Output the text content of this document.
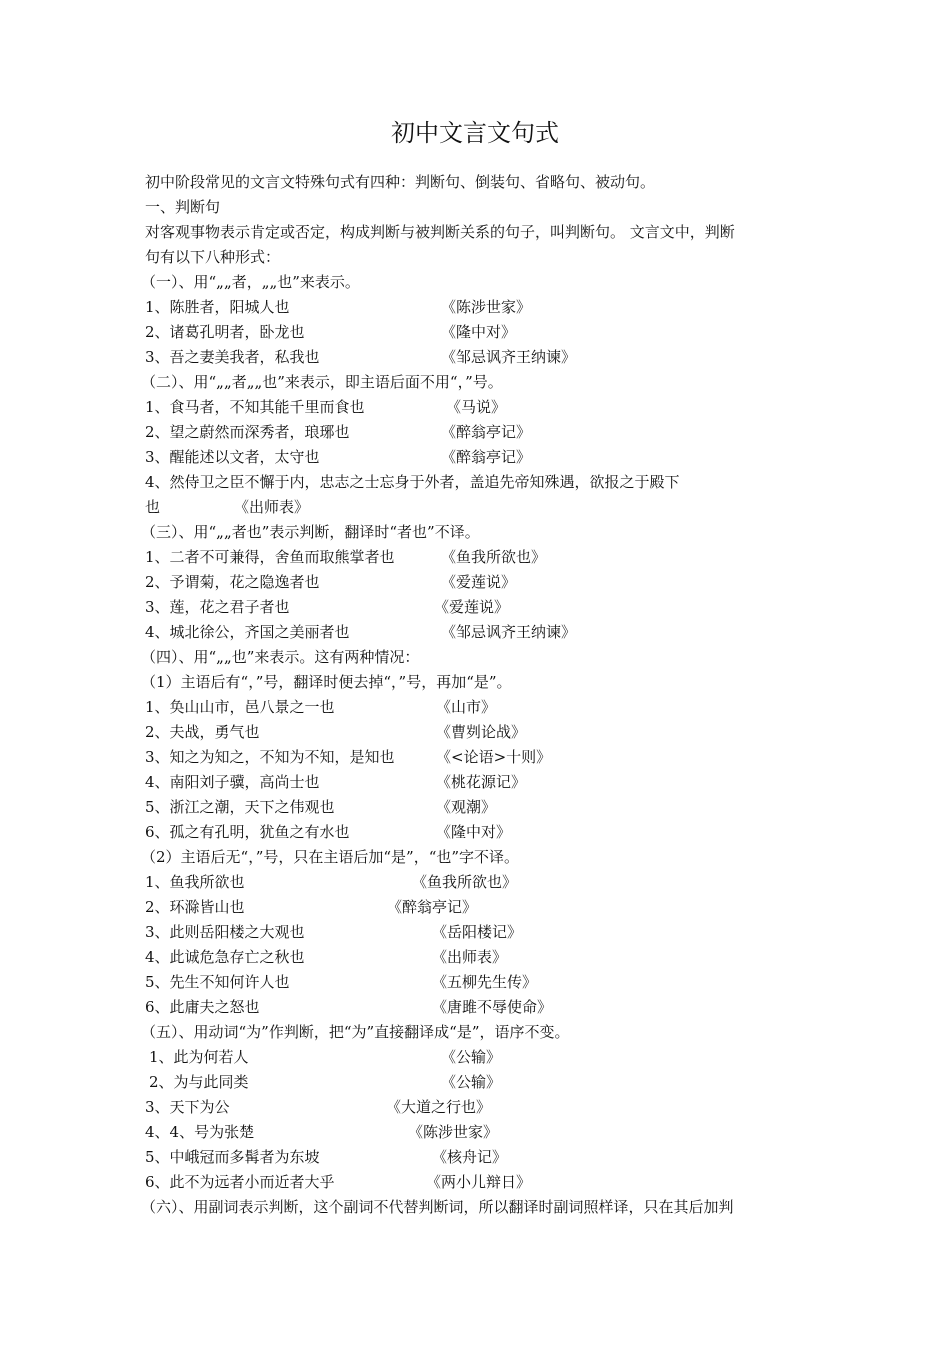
初中文言文句式
初中阶段常见的文言文特殊句式有四种：判断句、倒装句、省略句、被动句。
一、判断句
对客观事物表示肯定或否定，构成判断与被判断关系的句子，叫判断句。 文言文中，判断
句有以下八种形式：
（一）、用“„„者，„„也”来表示。
1、陈胜者，阳城人也	《陈涉世家》
2、诸葛孔明者，卧龙也	《隆中对》
3、吾之妻美我者，私我也	《邹忌讽齐王纳谏》
（二）、用“„„者„„也”来表示，即主语后面不用“，”号。
1、食马者，不知其能千里而食也	《马说》
2、望之蔚然而深秀者，琅琊也	《醉翁亭记》
3、醒能述以文者，太守也	《醉翁亭记》
4、然侍卫之臣不懈于内，忠志之士忘身于外者，盖追先帝知殊遇，欲报之于殿下
也	《出师表》
（三）、用“„„者也”表示判断，翻译时“者也”不译。
1、二者不可兼得，舍鱼而取熊掌者也	《鱼我所欲也》
2、予谓菊，花之隐逸者也	《爱莲说》
3、莲，花之君子者也	《爱莲说》
4、城北徐公，齐国之美丽者也	《邹忌讽齐王纳谏》
（四）、用“„„也”来表示。这有两种情况：
（1）主语后有“，”号，翻译时便去掉“，”号，再加“是”。
1、奂山山市，邑八景之一也	《山市》
2、夫战，勇气也	《曹刿论战》
3、知之为知之，不知为不知，是知也	《<论语>十则》
4、南阳刘子骥，高尚士也	《桃花源记》
5、浙江之潮，天下之伟观也	《观潮》
6、孤之有孔明，犹鱼之有水也	《隆中对》
（2）主语后无“，”号，只在主语后加“是”，“也”字不译。
1、鱼我所欲也	《鱼我所欲也》
2、环滁皆山也	《醉翁亭记》
3、此则岳阳楼之大观也	《岳阳楼记》
4、此诚危急存亡之秋也	《出师表》
5、先生不知何许人也	《五柳先生传》
6、此庸夫之怒也	《唐雎不辱使命》
（五）、用动词“为”作判断，把“为”直接翻译成“是”，语序不变。
1、此为何若人	《公输》
2、为与此同类	《公输》
3、天下为公	《大道之行也》
4、4、号为张楚	《陈涉世家》
5、中峨冠而多髯者为东坡	《核舟记》
6、此不为远者小而近者大乎	《两小儿辩日》
（六）、用副词表示判断，这个副词不代替判断词，所以翻译时副词照样译，只在其后加判
